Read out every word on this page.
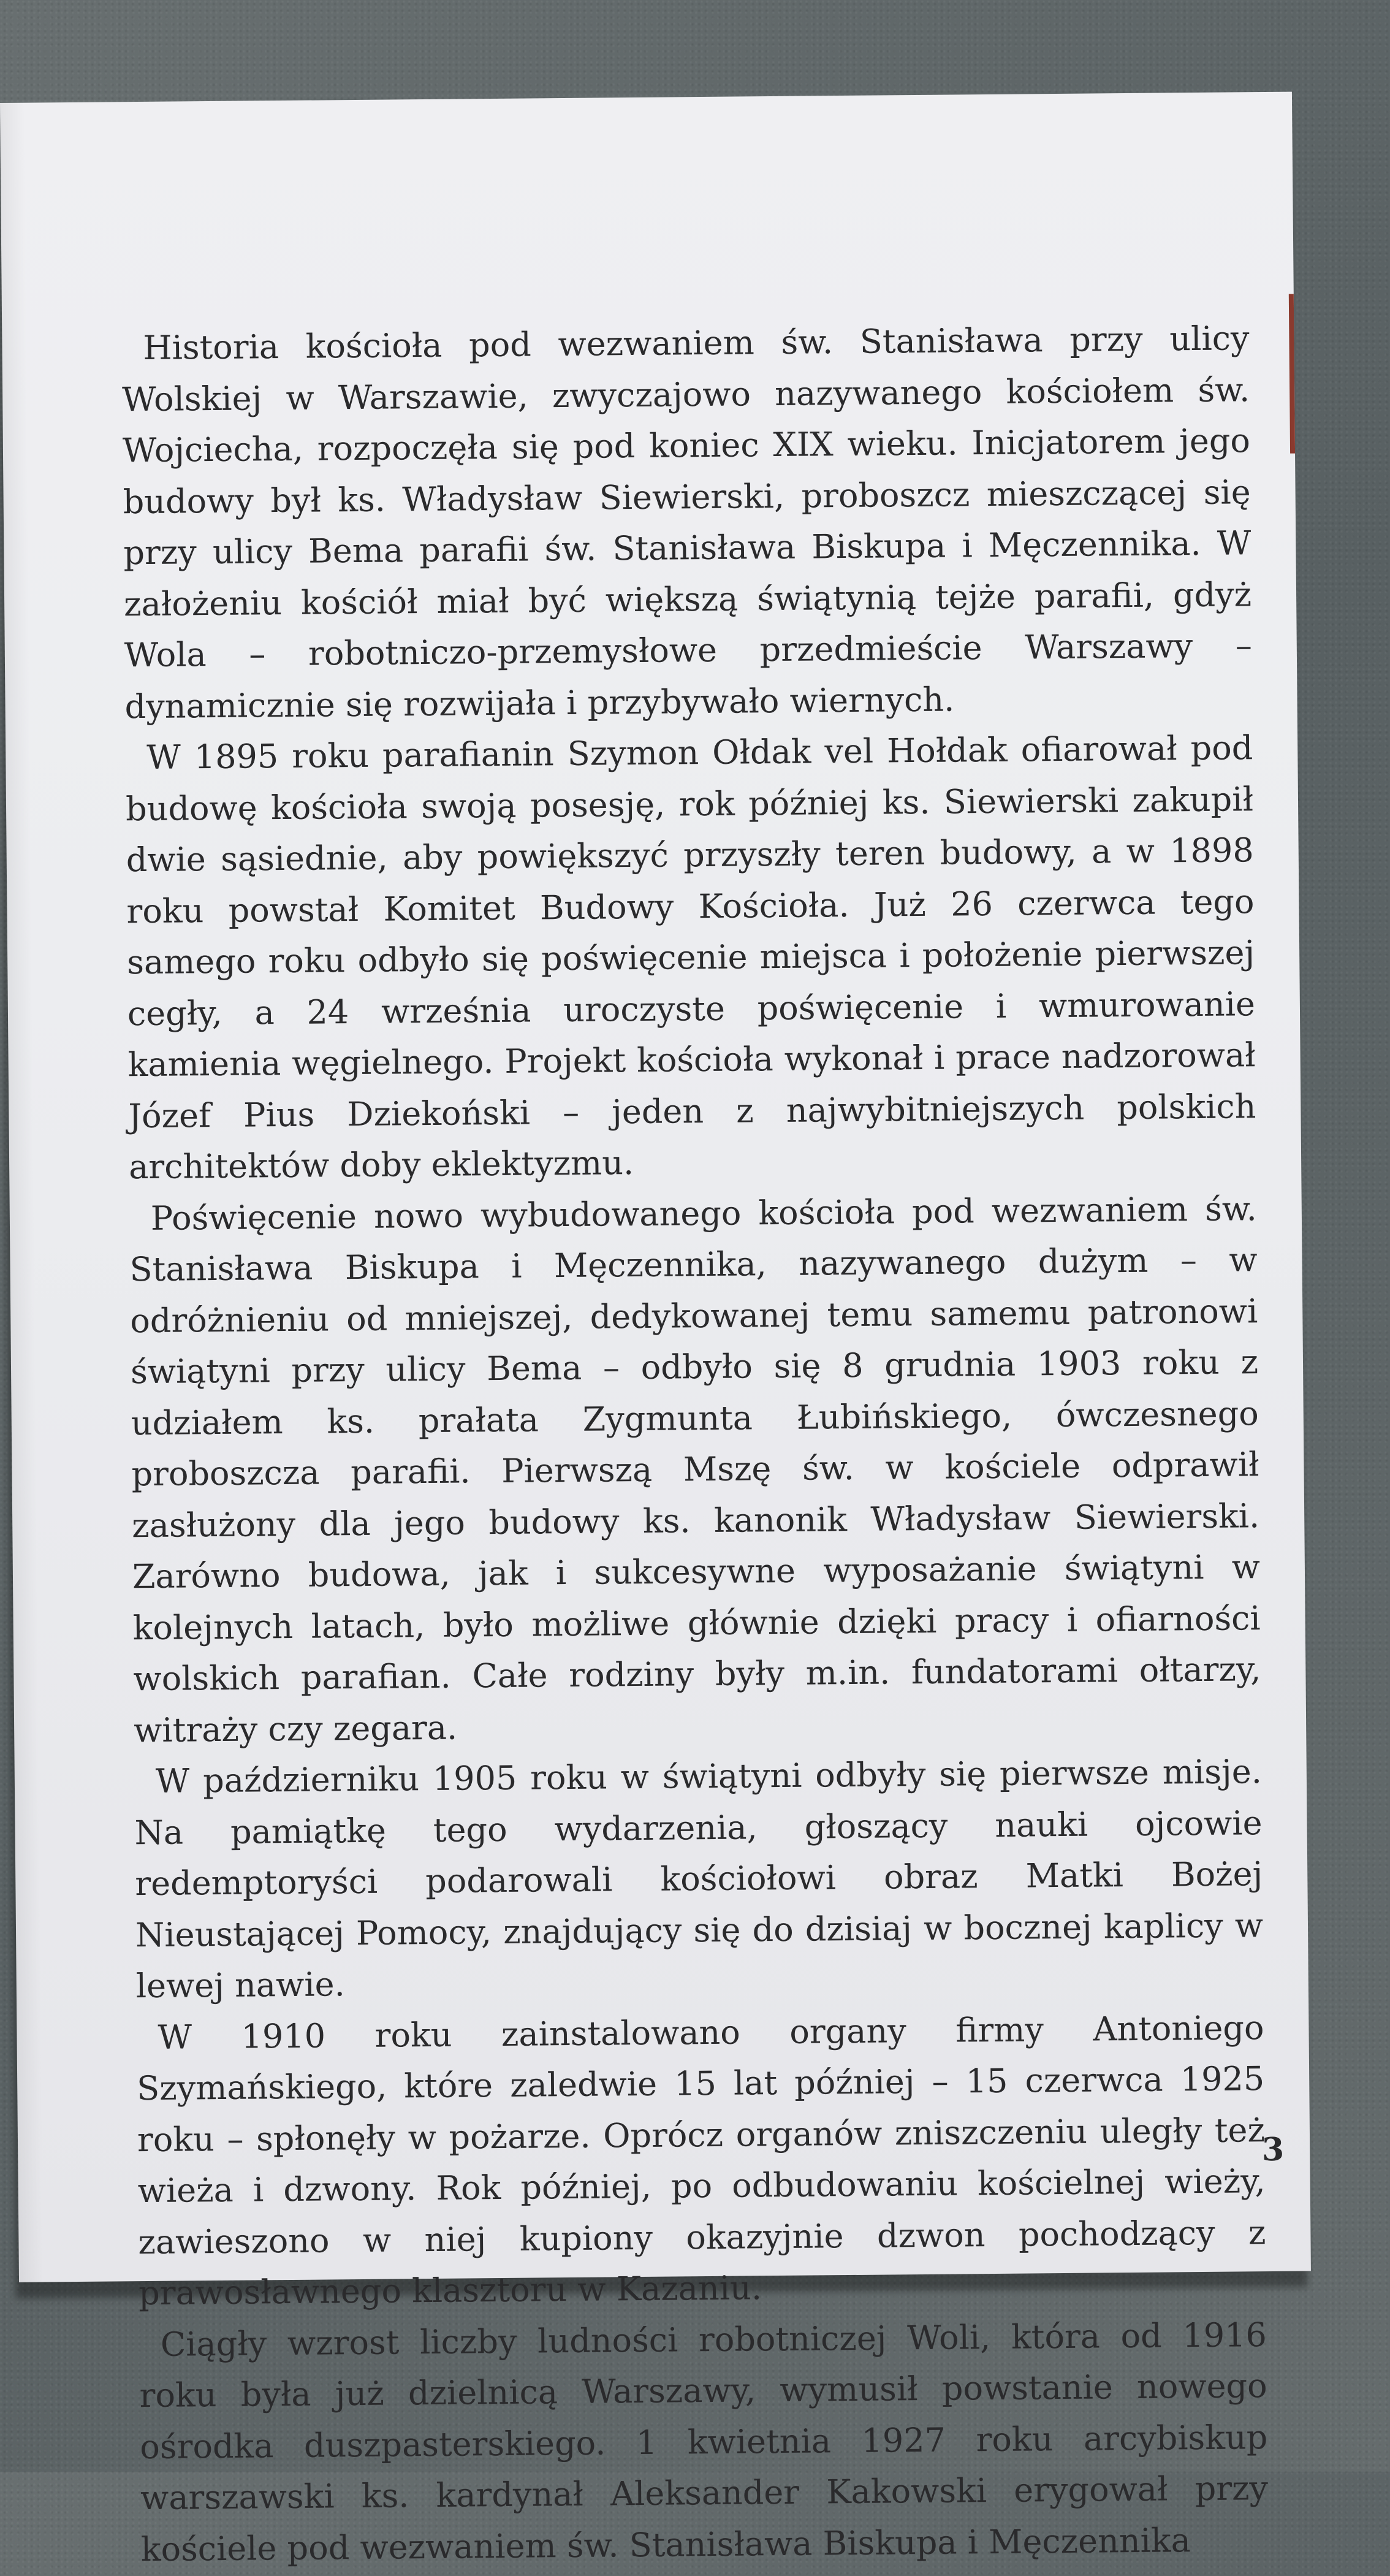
Historia kościoła pod wezwaniem św. Stanisława przy ulicy Wolskiej w Warszawie, zwyczajowo nazywanego kościołem św. Wojciecha, rozpoczęła się pod koniec XIX wieku. Inicjatorem jego budowy był ks. Władysław Siewierski, proboszcz mieszczącej się przy ulicy Bema parafii św. Stanisława Biskupa i Męczennika. W założeniu kościół miał być większą świątynią tejże parafii, gdyż Wola – robotniczo-przemysłowe przedmieście Warszawy – dynamicznie się rozwijała i przybywało wiernych.

W 1895 roku parafianin Szymon Ołdak vel Hołdak ofiarował pod budowę kościoła swoją posesję, rok później ks. Siewierski zakupił dwie sąsiednie, aby powiększyć przyszły teren budowy, a w 1898 roku powstał Komitet Budowy Kościoła. Już 26 czerwca tego samego roku odbyło się poświęcenie miejsca i położenie pierwszej cegły, a 24 września uroczyste poświęcenie i wmurowanie kamienia węgielnego. Projekt kościoła wykonał i prace nadzorował Józef Pius Dziekoński – jeden z najwybitniejszych polskich architektów doby eklektyzmu.

Poświęcenie nowo wybudowanego kościoła pod wezwaniem św. Stanisława Biskupa i Męczennika, nazywanego dużym – w odróżnieniu od mniejszej, dedykowanej temu samemu patronowi świątyni przy ulicy Bema – odbyło się 8 grudnia 1903 roku z udziałem ks. prałata Zygmunta Łubińskiego, ówczesnego proboszcza parafii. Pierwszą Mszę św. w kościele odprawił zasłużony dla jego budowy ks. kanonik Władysław Siewierski. Zarówno budowa, jak i sukcesywne wyposażanie świątyni w kolejnych latach, było możliwe głównie dzięki pracy i ofiarności wolskich parafian. Całe rodziny były m.in. fundatorami ołtarzy, witraży czy zegara.

W październiku 1905 roku w świątyni odbyły się pierwsze misje. Na pamiątkę tego wydarzenia, głoszący nauki ojcowie redemptoryści podarowali kościołowi obraz Matki Bożej Nieustającej Pomocy, znajdujący się do dzisiaj w bocznej kaplicy w lewej nawie.

W 1910 roku zainstalowano organy firmy Antoniego Szymańskiego, które zaledwie 15 lat później – 15 czerwca 1925 roku – spłonęły w pożarze. Oprócz organów zniszczeniu uległy też wieża i dzwony. Rok później, po odbudowaniu kościelnej wieży, zawieszono w niej kupiony okazyjnie dzwon pochodzący z prawosławnego klasztoru w Kazaniu.

Ciągły wzrost liczby ludności robotniczej Woli, która od 1916 roku była już dzielnicą Warszawy, wymusił powstanie nowego ośrodka duszpasterskiego. 1 kwietnia 1927 roku arcybiskup warszawski ks. kardynał Aleksander Kakowski erygował przy kościele pod wezwaniem św. Stanisława Biskupa i Męczennika

3
